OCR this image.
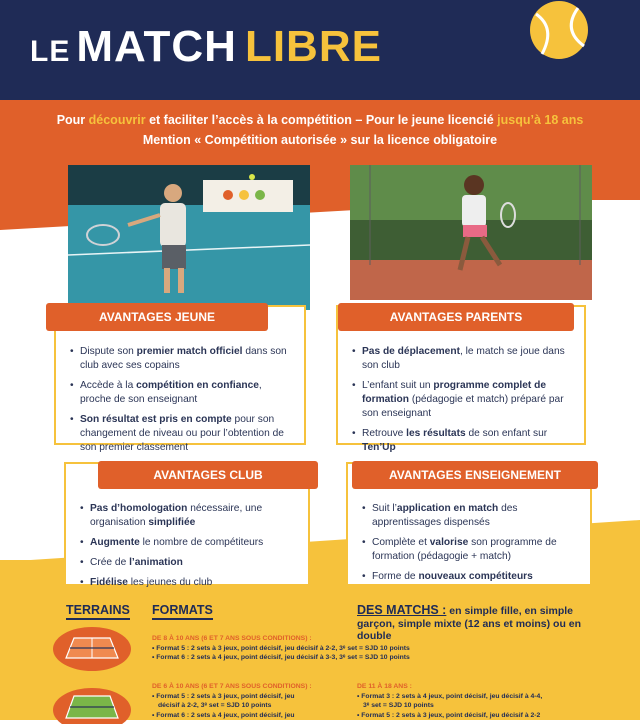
LE MATCH LIBRE
Pour découvrir et faciliter l’accès à la compétition – Pour le jeune licencié jusqu’à 18 ans
Mention « Compétition autorisée » sur la licence obligatoire
• Dispute son premier match officiel dans son club avec ses copains
• Accède à la compétition en confiance, proche de son enseignant
• Son résultat est pris en compte pour son changement de niveau ou pour l’obtention de son premier classement
AVANTAGES JEUNE
• Pas de déplacement, le match se joue dans son club
• L’enfant suit un programme complet de formation (pédagogie et match) préparé par son enseignant
• Retrouve les résultats de son enfant sur Ten’Up
AVANTAGES PARENTS
• Pas d’homologation nécessaire, une organisation simplifiée
• Augmente le nombre de compétiteurs
• Crée de l’animation
• Fidélise les jeunes du club
AVANTAGES CLUB
• Suit l’application en match des apprentissages dispensés
• Complète et valorise son programme de formation (pédagogie + match)
• Forme de nouveaux compétiteurs
AVANTAGES ENSEIGNEMENT
TERRAINS FORMATS	DES MATCHS : en simple fille, en simple garçon, simple mixte (12 ans et moins) ou en double
DE 8 À 10 ANS (6 ET 7 ANS SOUS CONDITIONS) :
• Format 5 : 2 sets à 3 jeux, point décisif, jeu décisif à 2-2, 3ᵉ set = SJD 10 points
• Format 6 : 2 sets à 4 jeux, point décisif, jeu décisif à 3-3, 3ᵉ set = SJD 10 points
DE 6 À 10 ANS (6 ET 7 ANS SOUS CONDITIONS) :
• Format 5 : 2 sets à 3 jeux, point décisif, jeu
décisif à 2-2, 3ᵉ set = SJD 10 points
• Format 6 : 2 sets à 4 jeux, point décisif, jeu
DE 11 À 18 ANS :
• Format 3 : 2 sets à 4 jeux, point décisif, jeu décisif à 4-4,
3ᵉ set = SJD 10 points
• Format 5 : 2 sets à 3 jeux, point décisif, jeu décisif à 2-2
